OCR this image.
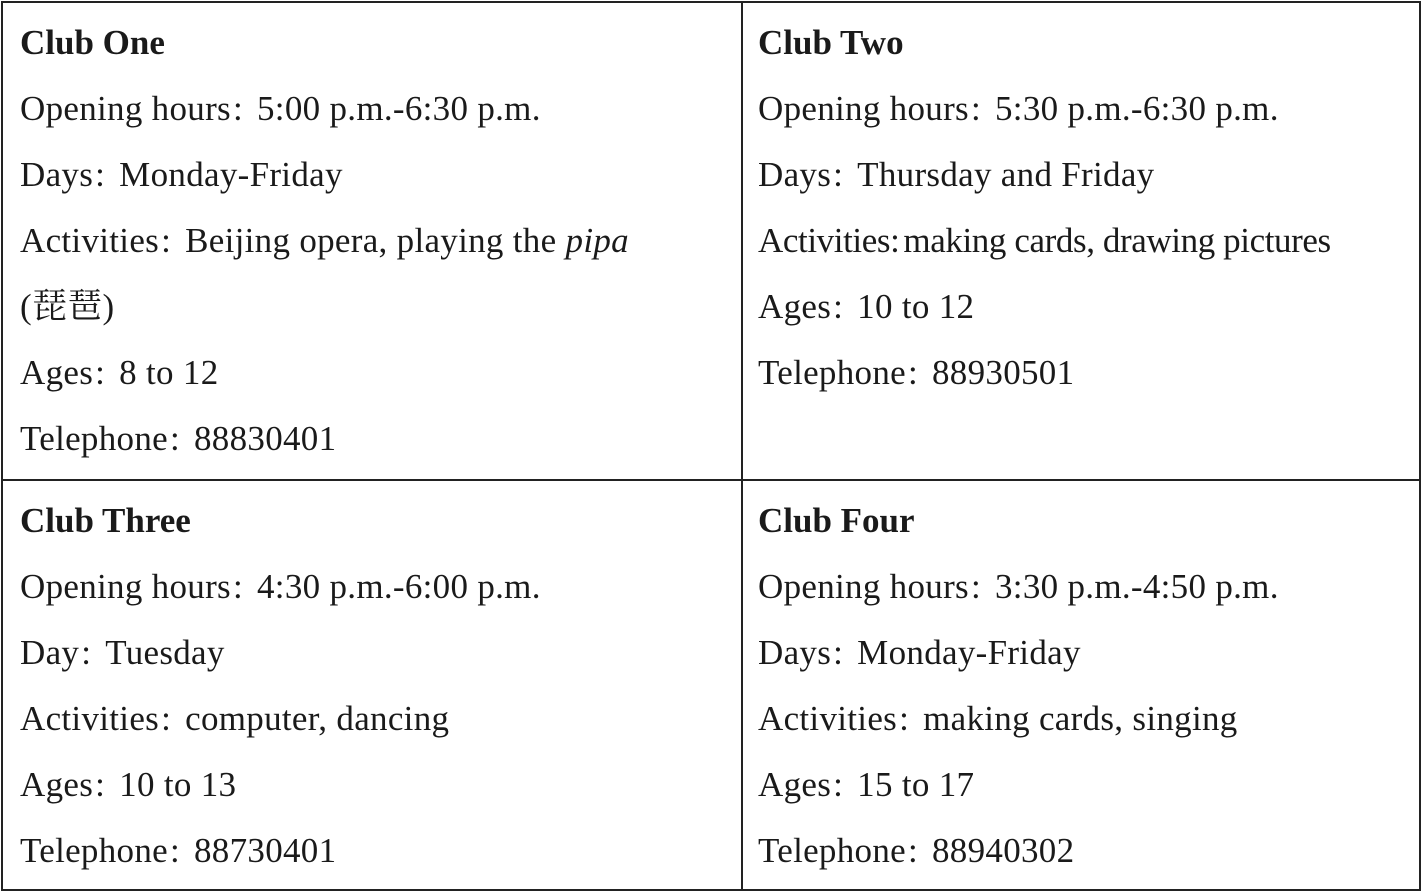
Club One
Opening hours: 5:00 p.m.-6:30 p.m.
Days: Monday-Friday
Activities: Beijing opera, playing the pipa
(琵琶)
Ages: 8 to 12
Telephone: 88830401
Club Two
Opening hours: 5:30 p.m.-6:30 p.m.
Days: Thursday and Friday
Activities: making cards, drawing pictures
Ages: 10 to 12
Telephone: 88930501
Club Three
Opening hours: 4:30 p.m.-6:00 p.m.
Day: Tuesday
Activities: computer, dancing
Ages: 10 to 13
Telephone: 88730401
Club Four
Opening hours: 3:30 p.m.-4:50 p.m.
Days: Monday-Friday
Activities: making cards, singing
Ages: 15 to 17
Telephone: 88940302
